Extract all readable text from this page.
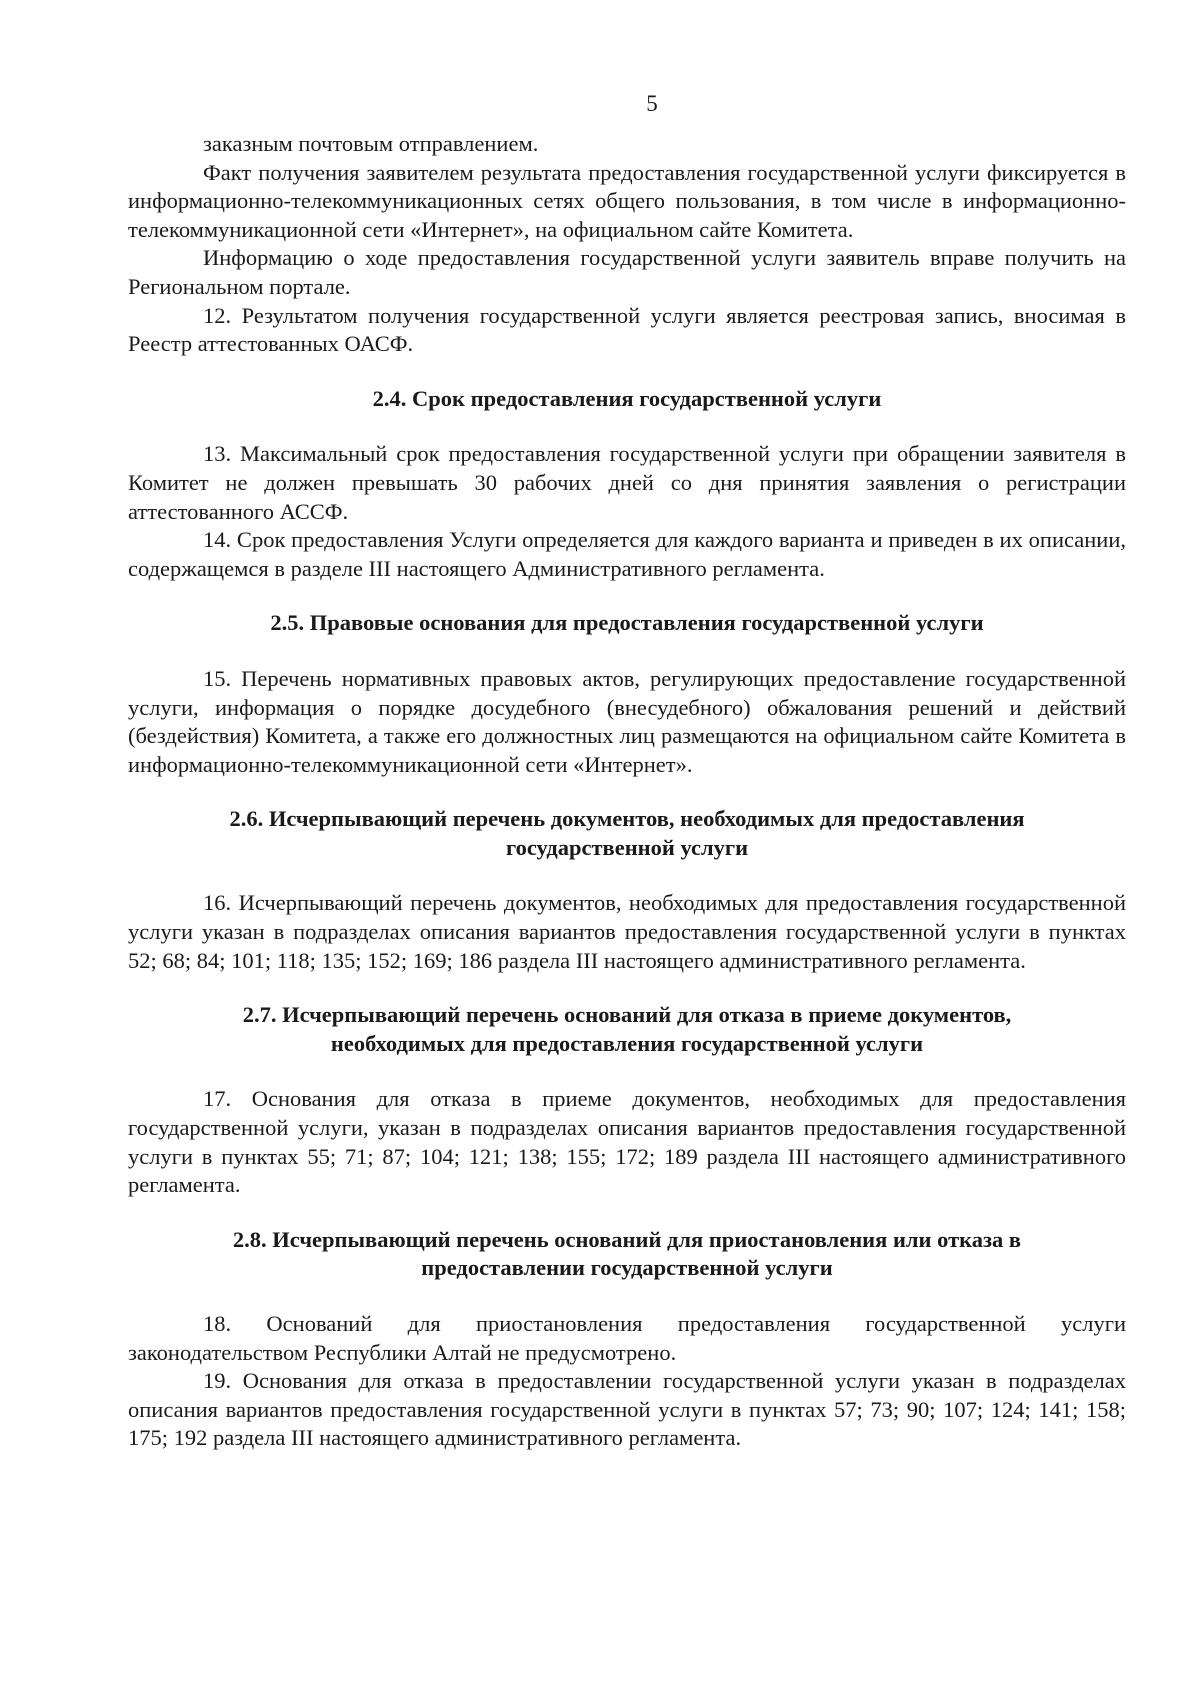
5

заказным почтовым отправлением.

Факт получения заявителем результата предоставления государственной услуги фиксируется в информационно-телекоммуникационных сетях общего пользования, в том числе в информационно-телекоммуникационной сети «Интернет», на официальном сайте Комитета.

Информацию о ходе предоставления государственной услуги заявитель вправе получить на Региональном портале.

12. Результатом получения государственной услуги является реестровая запись, вносимая в Реестр аттестованных ОАСФ.

2.4. Срок предоставления государственной услуги

13. Максимальный срок предоставления государственной услуги при обращении заявителя в Комитет не должен превышать 30 рабочих дней со дня принятия заявления о регистрации аттестованного АССФ.

14. Срок предоставления Услуги определяется для каждого варианта и приведен в их описании, содержащемся в разделе III настоящего Административного регламента.

2.5. Правовые основания для предоставления государственной услуги

15. Перечень нормативных правовых актов, регулирующих предоставление государственной услуги, информация о порядке досудебного (внесудебного) обжалования решений и действий (бездействия) Комитета, а также его должностных лиц размещаются на официальном сайте Комитета в информационно-телекоммуникационной сети «Интернет».

2.6. Исчерпывающий перечень документов, необходимых для предоставления
государственной услуги

16. Исчерпывающий перечень документов, необходимых для предоставления государственной услуги указан в подразделах описания вариантов предоставления государственной услуги в пунктах 52; 68; 84; 101; 118; 135; 152; 169; 186 раздела III настоящего административного регламента.

2.7. Исчерпывающий перечень оснований для отказа в приеме документов,
необходимых для предоставления государственной услуги

17. Основания для отказа в приеме документов, необходимых для предоставления государственной услуги, указан в подразделах описания вариантов предоставления государственной услуги в пунктах 55; 71; 87; 104; 121; 138; 155; 172; 189 раздела III настоящего административного регламента.

2.8. Исчерпывающий перечень оснований для приостановления или отказа в
предоставлении государственной услуги

18. Оснований для приостановления предоставления государственной услуги законодательством Республики Алтай не предусмотрено.

19. Основания для отказа в предоставлении государственной услуги указан в подразделах описания вариантов предоставления государственной услуги в пунктах 57; 73; 90; 107; 124; 141; 158; 175; 192 раздела III настоящего административного регламента.
